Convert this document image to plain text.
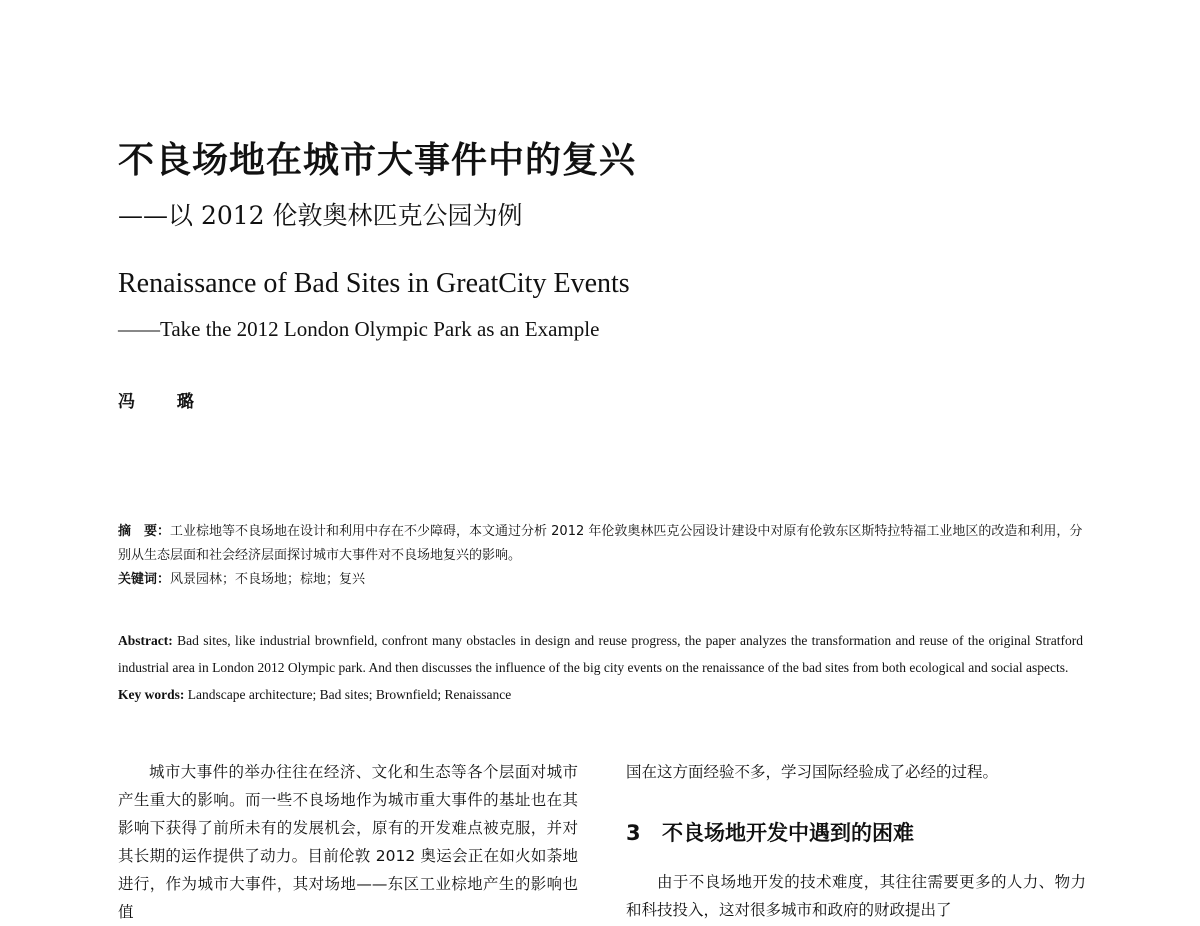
不良场地在城市大事件中的复兴
——以 2012 伦敦奥林匹克公园为例
Renaissance of Bad Sites in GreatCity Events
——Take the 2012 London Olympic Park as an Example
冯 璐

摘　要：工业棕地等不良场地在设计和利用中存在不少障碍，本文通过分析 2012 年伦敦奥林匹克公园设计建设中对原有伦敦东区斯特拉特福工业地区的改造和利用，分别从生态层面和社会经济层面探讨城市大事件对不良场地复兴的影响。

关键词：风景园林；不良场地；棕地；复兴

Abstract: Bad sites, like industrial brownfield, confront many obstacles in design and reuse progress, the paper analyzes the transformation and reuse of the original Stratford industrial area in London 2012 Olympic park. And then discusses the influence of the big city events on the renaissance of the bad sites from both ecological and social aspects.

Key words: Landscape architecture; Bad sites; Brownfield; Renaissance

城市大事件的举办往往在经济、文化和生态等各个层面对城市产生重大的影响。而一些不良场地作为城市重大事件的基址也在其影响下获得了前所未有的发展机会，原有的开发难点被克服，并对其长期的运作提供了动力。目前伦敦 2012 奥运会正在如火如荼地进行，作为城市大事件，其对场地——东区工业棕地产生的影响也值

国在这方面经验不多，学习国际经验成了必经的过程。

3 不良场地开发中遇到的困难

由于不良场地开发的技术难度，其往往需要更多的人力、物力和科技投入，这对很多城市和政府的财政提出了
